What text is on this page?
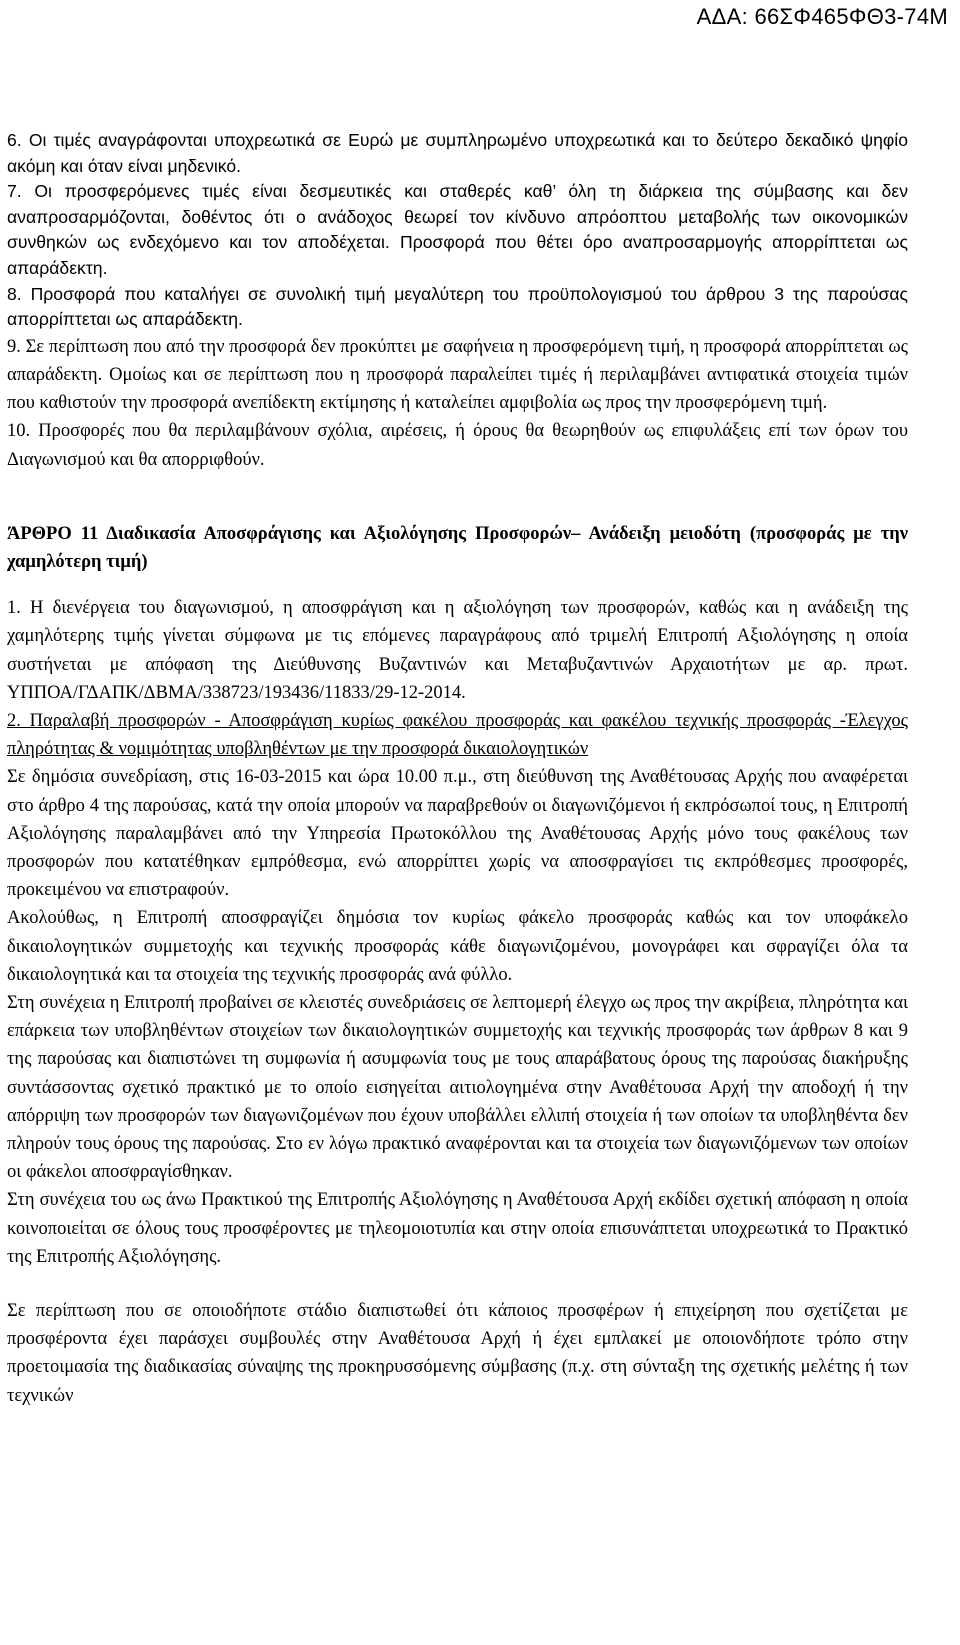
ΑΔΑ: 66ΣΦ465ΦΘ3-74Μ

6. Οι τιμές αναγράφονται υποχρεωτικά σε Ευρώ με συμπληρωμένο υποχρεωτικά και το δεύτερο δεκαδικό ψηφίο ακόμη και όταν είναι μηδενικό.

7. Οι προσφερόμενες τιμές είναι δεσμευτικές και σταθερές καθ’ όλη τη διάρκεια της σύμβασης και δεν αναπροσαρμόζονται, δοθέντος ότι ο ανάδοχος θεωρεί τον κίνδυνο απρόοπτου μεταβολής των οικονομικών συνθηκών ως ενδεχόμενο και τον αποδέχεται. Προσφορά που θέτει όρο αναπροσαρμογής απορρίπτεται ως απαράδεκτη.

8. Προσφορά που καταλήγει σε συνολική τιμή μεγαλύτερη του προϋπολογισμού του άρθρου 3 της παρούσας απορρίπτεται ως απαράδεκτη.

9. Σε περίπτωση που από την προσφορά δεν προκύπτει με σαφήνεια η προσφερόμενη τιμή, η προσφορά απορρίπτεται ως απαράδεκτη. Ομοίως και σε περίπτωση που η προσφορά παραλείπει τιμές ή περιλαμβάνει αντιφατικά στοιχεία τιμών που καθιστούν την προσφορά ανεπίδεκτη εκτίμησης ή καταλείπει αμφιβολία ως προς την προσφερόμενη τιμή.

10. Προσφορές που θα περιλαμβάνουν σχόλια, αιρέσεις, ή όρους θα θεωρηθούν ως επιφυλάξεις επί των όρων του Διαγωνισμού και θα απορριφθούν.

ΆΡΘΡΟ 11 Διαδικασία Αποσφράγισης και Αξιολόγησης Προσφορών– Ανάδειξη μειοδότη (προσφοράς με την χαμηλότερη τιμή)

1. Η διενέργεια του διαγωνισμού, η αποσφράγιση και η αξιολόγηση των προσφορών, καθώς και η ανάδειξη της χαμηλότερης τιμής γίνεται σύμφωνα με τις επόμενες παραγράφους από τριμελή Επιτροπή Αξιολόγησης η οποία συστήνεται με απόφαση της Διεύθυνσης Βυζαντινών και Μεταβυζαντινών Αρχαιοτήτων με αρ. πρωτ.

ΥΠΠΟΑ/ΓΔΑΠΚ/ΔΒΜΑ/338723/193436/11833/29-12-2014.

2. Παραλαβή προσφορών - Αποσφράγιση κυρίως φακέλου προσφοράς και φακέλου τεχνικής προσφοράς -Έλεγχος πληρότητας & νομιμότητας υποβληθέντων με την προσφορά δικαιολογητικών

Σε δημόσια συνεδρίαση, στις 16-03-2015 και ώρα 10.00 π.μ., στη διεύθυνση της Αναθέτουσας Αρχής που αναφέρεται στο άρθρο 4 της παρούσας, κατά την οποία μπορούν να παραβρεθούν οι διαγωνιζόμενοι ή εκπρόσωποί τους, η Επιτροπή Αξιολόγησης παραλαμβάνει από την Υπηρεσία Πρωτοκόλλου της Αναθέτουσας Αρχής μόνο τους φακέλους των προσφορών που κατατέθηκαν εμπρόθεσμα, ενώ απορρίπτει χωρίς να αποσφραγίσει τις εκπρόθεσμες προσφορές, προκειμένου να επιστραφούν.

Ακολούθως, η Επιτροπή αποσφραγίζει δημόσια τον κυρίως φάκελο προσφοράς καθώς και τον υποφάκελο δικαιολογητικών συμμετοχής και τεχνικής προσφοράς κάθε διαγωνιζομένου, μονογράφει και σφραγίζει όλα τα δικαιολογητικά και τα στοιχεία της τεχνικής προσφοράς ανά φύλλο.

Στη συνέχεια η Επιτροπή προβαίνει σε κλειστές συνεδριάσεις σε λεπτομερή έλεγχο ως προς την ακρίβεια, πληρότητα και επάρκεια των υποβληθέντων στοιχείων των δικαιολογητικών συμμετοχής και τεχνικής προσφοράς των άρθρων 8 και 9 της παρούσας και διαπιστώνει τη συμφωνία ή ασυμφωνία τους με τους απαράβατους όρους της παρούσας διακήρυξης συντάσσοντας σχετικό πρακτικό με το οποίο εισηγείται αιτιολογημένα στην Αναθέτουσα Αρχή την αποδοχή ή την απόρριψη των προσφορών των διαγωνιζομένων που έχουν υποβάλλει ελλιπή στοιχεία ή των οποίων τα υποβληθέντα δεν πληρούν τους όρους της παρούσας. Στο εν λόγω πρακτικό αναφέρονται και τα στοιχεία των διαγωνιζόμενων των οποίων οι φάκελοι αποσφραγίσθηκαν.

Στη συνέχεια του ως άνω Πρακτικού της Επιτροπής Αξιολόγησης η Αναθέτουσα Αρχή εκδίδει σχετική απόφαση η οποία κοινοποιείται σε όλους τους προσφέροντες με τηλεομοιοτυπία και στην οποία επισυνάπτεται υποχρεωτικά το Πρακτικό της Επιτροπής Αξιολόγησης.

Σε περίπτωση που σε οποιοδήποτε στάδιο διαπιστωθεί ότι κάποιος προσφέρων ή επιχείρηση που σχετίζεται με προσφέροντα έχει παράσχει συμβουλές στην Αναθέτουσα Αρχή ή έχει εμπλακεί με οποιονδήποτε τρόπο στην προετοιμασία της διαδικασίας σύναψης της προκηρυσσόμενης σύμβασης (π.χ. στη σύνταξη της σχετικής μελέτης ή των τεχνικών
